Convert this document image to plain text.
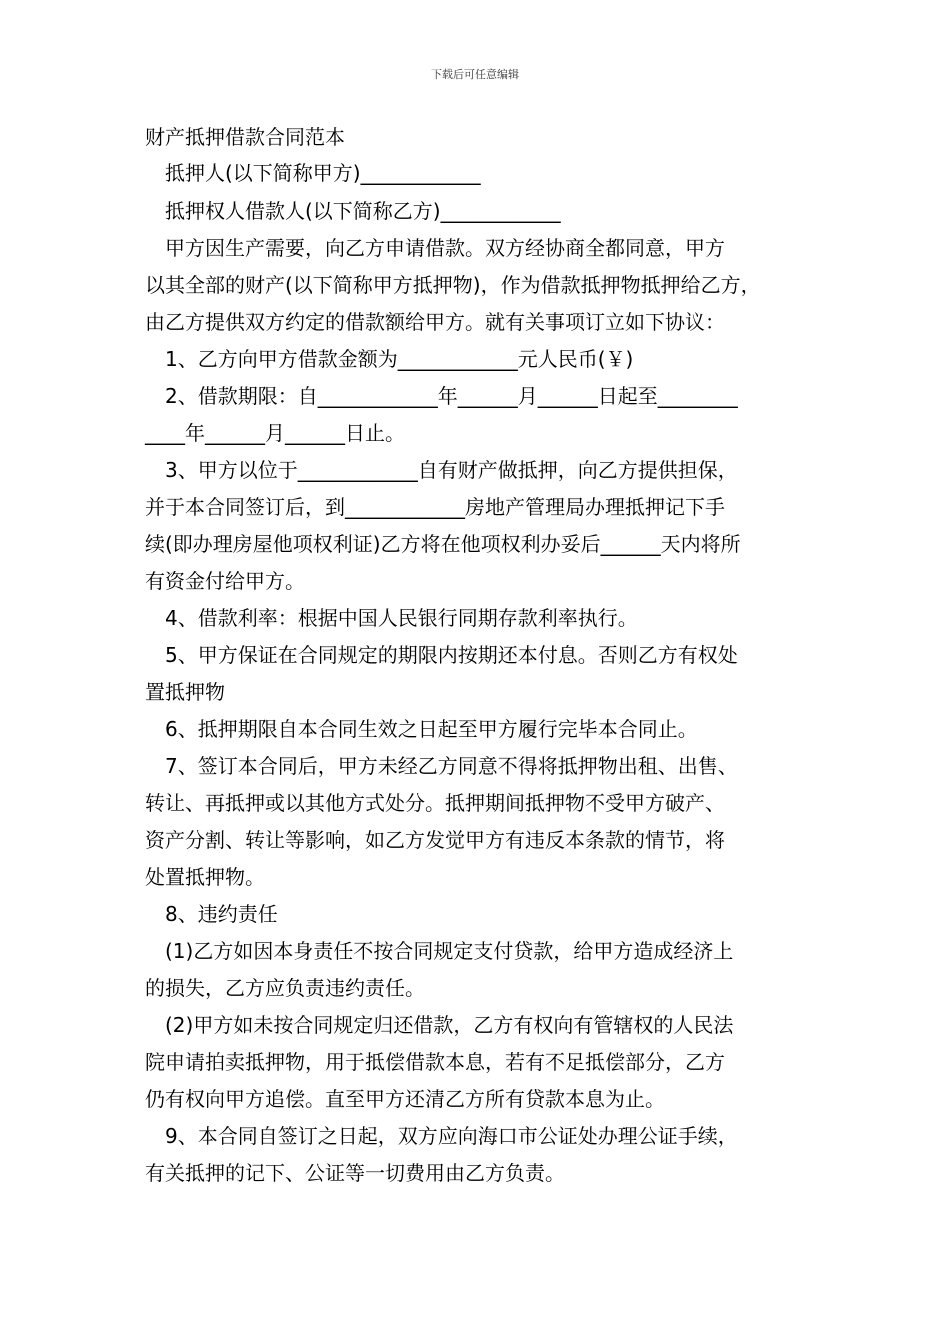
下载后可任意编辑
财产抵押借款合同范本
抵押人(以下简称甲方)____________
抵押权人借款人(以下简称乙方)____________
甲方因生产需要，向乙方申请借款。双方经协商全都同意，甲方
以其全部的财产(以下简称甲方抵押物)，作为借款抵押物抵押给乙方，
由乙方提供双方约定的借款额给甲方。就有关事项订立如下协议：
1、乙方向甲方借款金额为____________元人民币(￥)
2、借款期限：自____________年______月______日起至________
____年______月______日止。
3、甲方以位于____________自有财产做抵押，向乙方提供担保，
并于本合同签订后，到____________房地产管理局办理抵押记下手
续(即办理房屋他项权利证)乙方将在他项权利办妥后______天内将所
有资金付给甲方。
4、借款利率：根据中国人民银行同期存款利率执行。
5、甲方保证在合同规定的期限内按期还本付息。否则乙方有权处
置抵押物
6、抵押期限自本合同生效之日起至甲方履行完毕本合同止。
7、签订本合同后，甲方未经乙方同意不得将抵押物出租、出售、
转让、再抵押或以其他方式处分。抵押期间抵押物不受甲方破产、
资产分割、转让等影响，如乙方发觉甲方有违反本条款的情节，将
处置抵押物。
8、违约责任
(1)乙方如因本身责任不按合同规定支付贷款，给甲方造成经济上
的损失，乙方应负责违约责任。
(2)甲方如未按合同规定归还借款，乙方有权向有管辖权的人民法
院申请拍卖抵押物，用于抵偿借款本息，若有不足抵偿部分，乙方
仍有权向甲方追偿。直至甲方还清乙方所有贷款本息为止。
9、本合同自签订之日起，双方应向海口市公证处办理公证手续，
有关抵押的记下、公证等一切费用由乙方负责。
